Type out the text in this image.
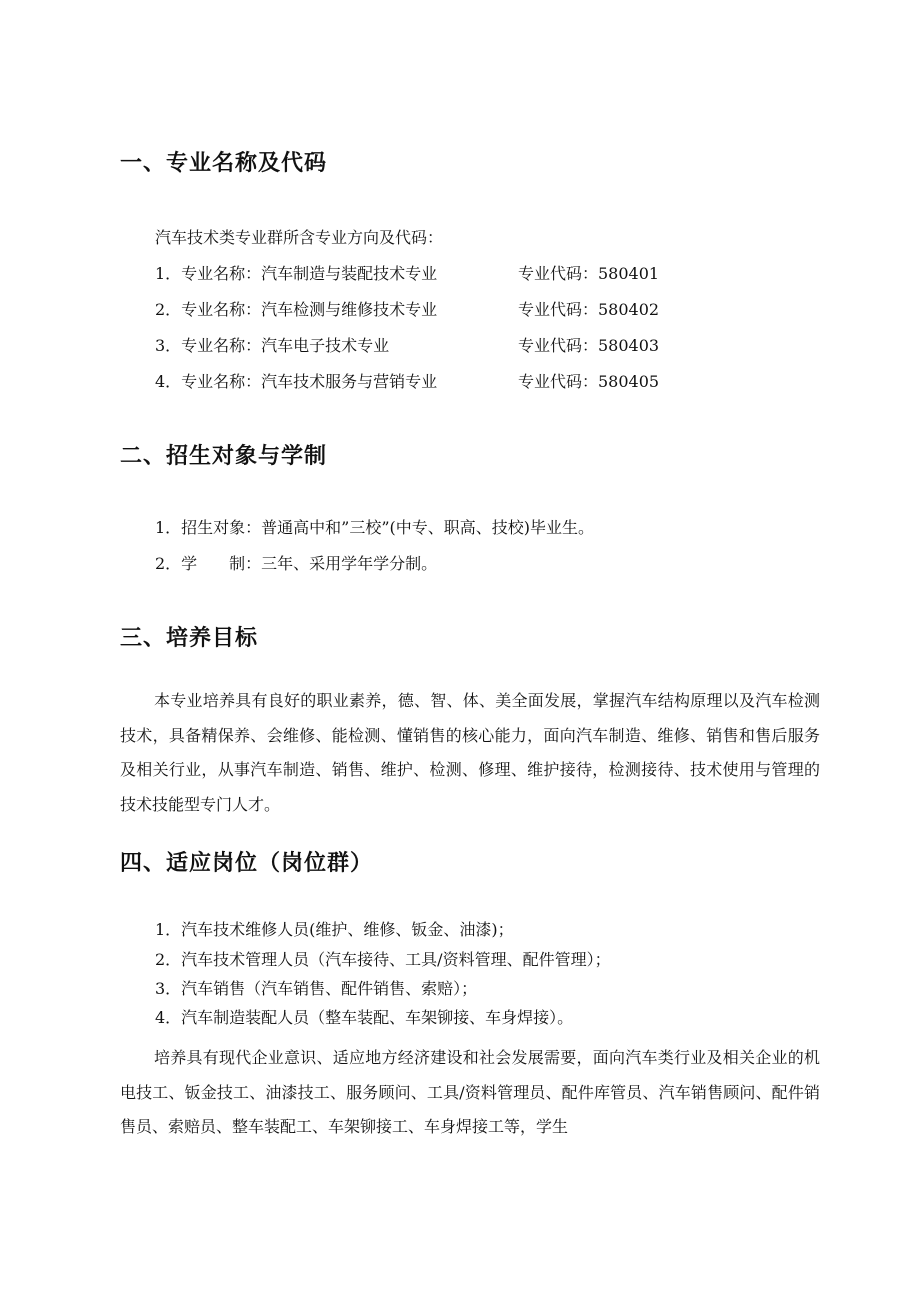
一、专业名称及代码

汽车技术类专业群所含专业方向及代码：

1．专业名称：汽车制造与装配技术专业	专业代码：580401
2．专业名称：汽车检测与维修技术专业	专业代码：580402
3．专业名称：汽车电子技术专业	专业代码：580403
4．专业名称：汽车技术服务与营销专业	专业代码：580405
二、招生对象与学制

1．招生对象：普通高中和”三校”(中专、职高、技校)毕业生。

2．学　　制：三年、采用学年学分制。

三、培养目标

本专业培养具有良好的职业素养，德、智、体、美全面发展，掌握汽车结构原理以及汽车检测技术，具备精保养、会维修、能检测、懂销售的核心能力，面向汽车制造、维修、销售和售后服务及相关行业，从事汽车制造、销售、维护、检测、修理、维护接待，检测接待、技术使用与管理的技术技能型专门人才。

四、适应岗位（岗位群）

1．汽车技术维修人员(维护、维修、钣金、油漆)；

2．汽车技术管理人员（汽车接待、工具/资料管理、配件管理）；

3．汽车销售（汽车销售、配件销售、索赔）；

4．汽车制造装配人员（整车装配、车架铆接、车身焊接）。

培养具有现代企业意识、适应地方经济建设和社会发展需要，面向汽车类行业及相关企业的机电技工、钣金技工、油漆技工、服务顾问、工具/资料管理员、配件库管员、汽车销售顾问、配件销售员、索赔员、整车装配工、车架铆接工、车身焊接工等，学生
